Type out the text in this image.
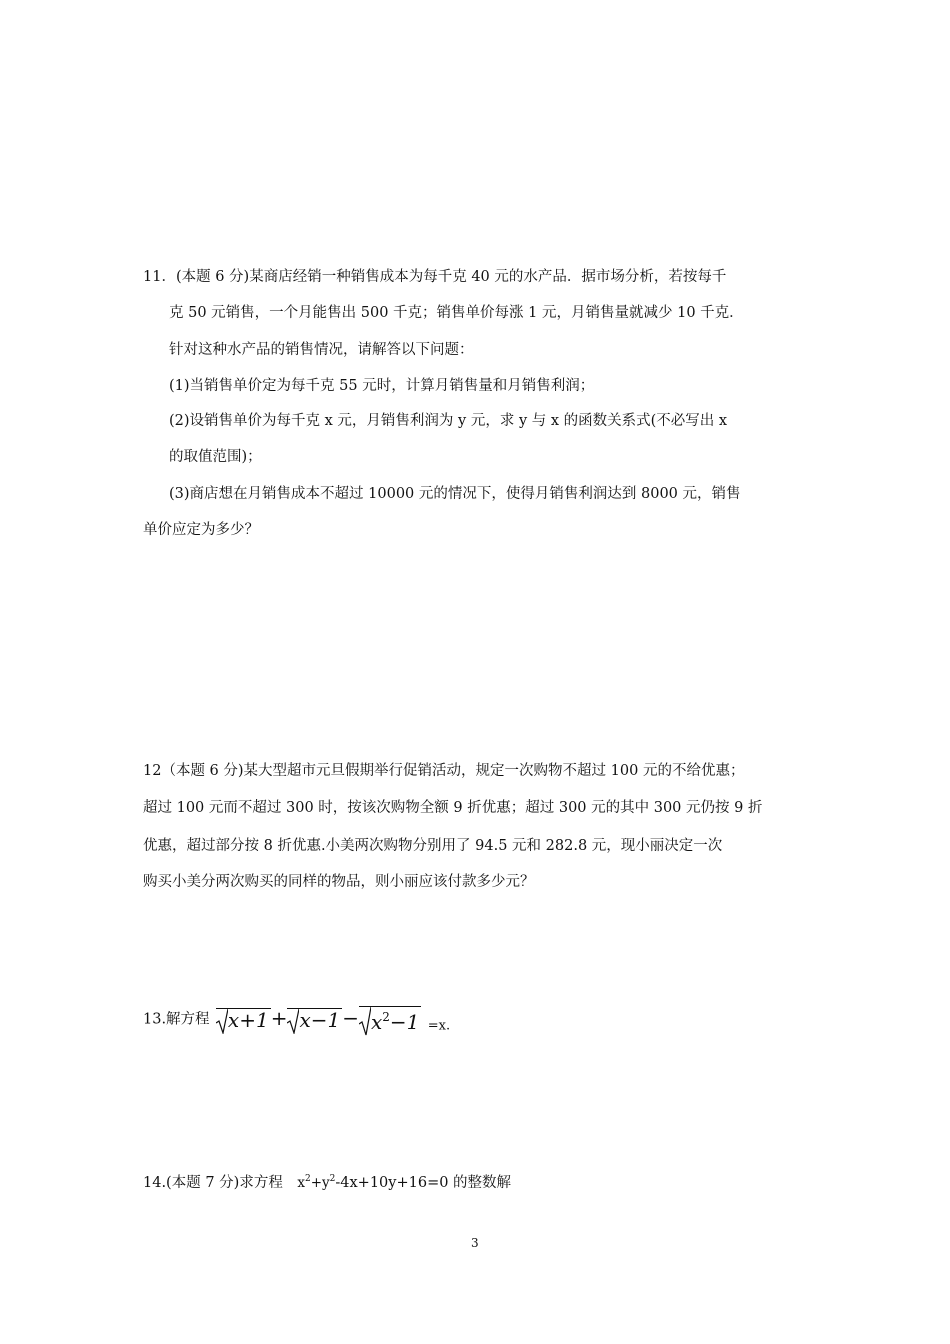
11．(本题 6 分)某商店经销一种销售成本为每千克 40 元的水产品．据市场分析，若按每千
克 50 元销售，一个月能售出 500 千克；销售单价每涨 1 元，月销售量就减少 10 千克．
针对这种水产品的销售情况，请解答以下问题：
(1)当销售单价定为每千克 55 元时，计算月销售量和月销售利润；
(2)设销售单价为每千克 x 元，月销售利润为 y 元，求 y 与 x 的函数关系式(不必写出 x
的取值范围)；
(3)商店想在月销售成本不超过 10000 元的情况下，使得月销售利润达到 8000 元，销售
单价应定为多少？
12（本题 6 分)某大型超市元旦假期举行促销活动，规定一次购物不超过 100 元的不给优惠；
超过 100 元而不超过 300 时，按该次购物全额 9 折优惠；超过 300 元的其中 300 元仍按 9 折
优惠，超过部分按 8 折优惠.小美两次购物分别用了 94.5 元和 282.8 元，现小丽决定一次
购买小美分两次购买的同样的物品，则小丽应该付款多少元？
13.解方程 $x+1 + x-1 - x^2-1 =x$.
14.(本题 7 分)求方程　$x^2+y^2-4x+10y+16=0$ 的整数解
3
